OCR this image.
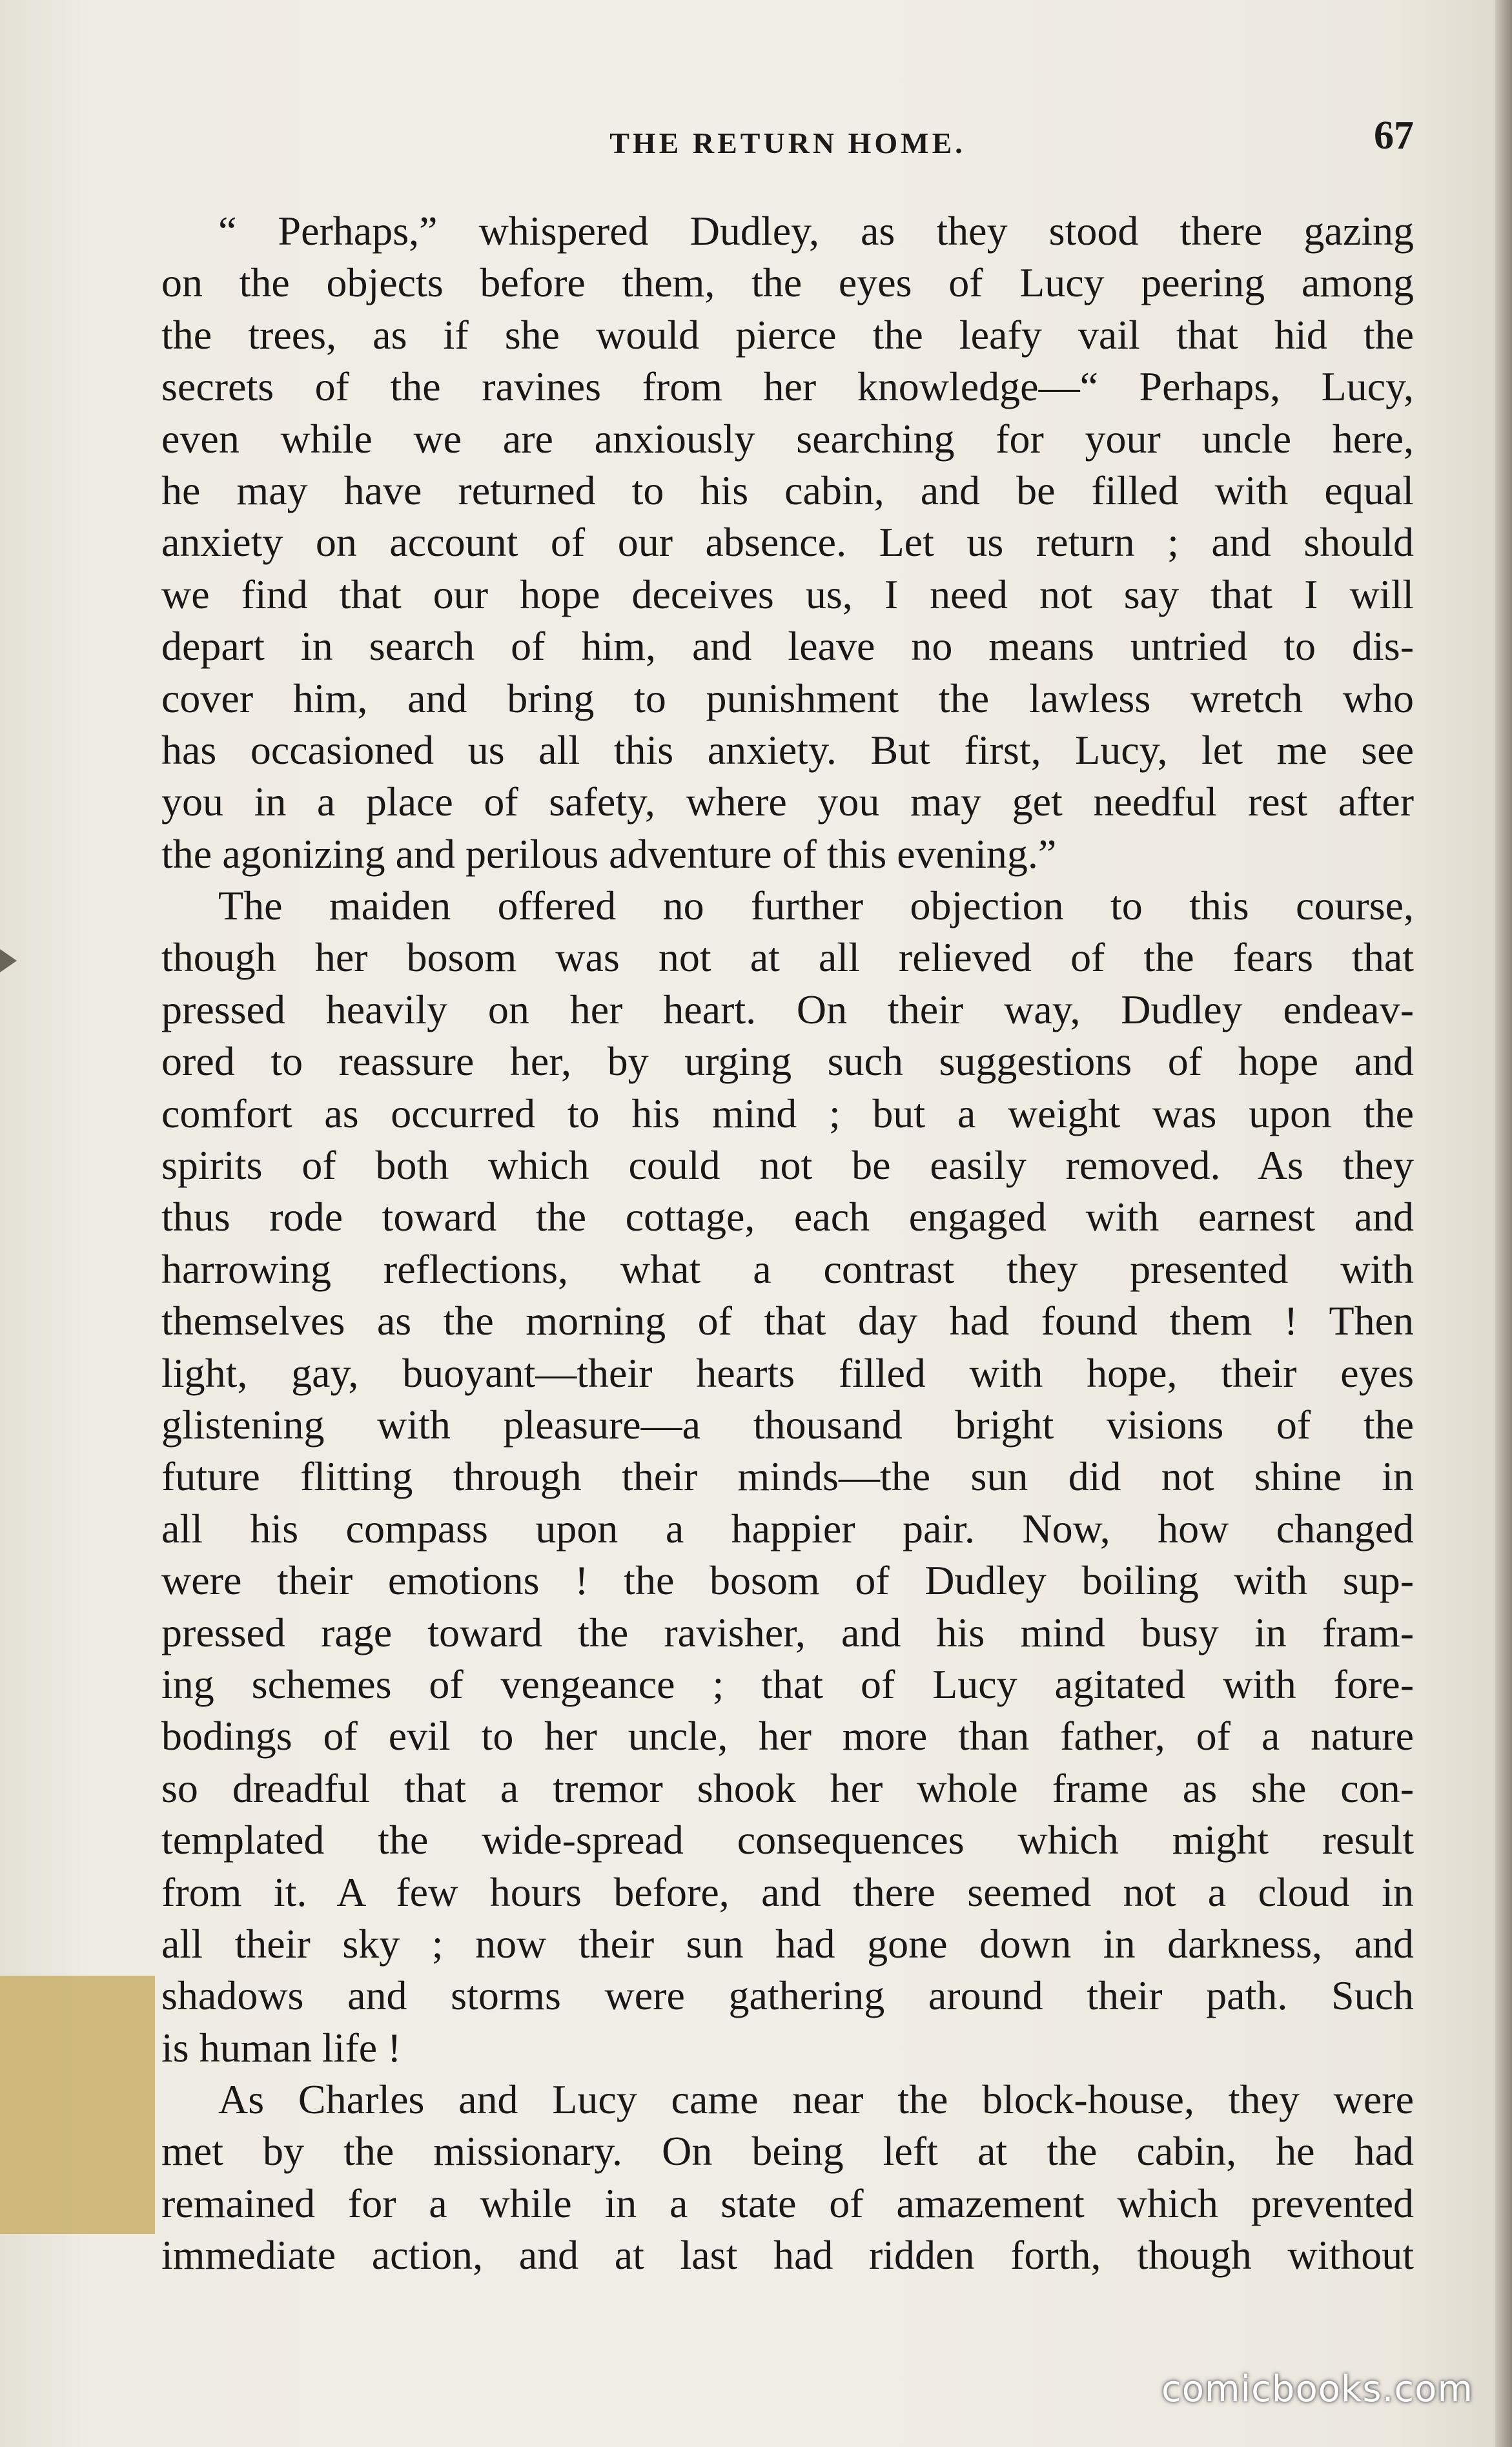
THE RETURN HOME.	67

“ Perhaps,” whispered Dudley, as they stood there gazing
on the objects before them, the eyes of Lucy peering among
the trees, as if she would pierce the leafy vail that hid the
secrets of the ravines from her knowledge—“ Perhaps, Lucy,
even while we are anxiously searching for your uncle here,
he may have returned to his cabin, and be filled with equal
anxiety on account of our absence. Let us return ; and should
we find that our hope deceives us, I need not say that I will
depart in search of him, and leave no means untried to dis-
cover him, and bring to punishment the lawless wretch who
has occasioned us all this anxiety. But first, Lucy, let me see
you in a place of safety, where you may get needful rest after
the agonizing and perilous adventure of this evening.”

The maiden offered no further objection to this course,
though her bosom was not at all relieved of the fears that
pressed heavily on her heart. On their way, Dudley endeav-
ored to reassure her, by urging such suggestions of hope and
comfort as occurred to his mind ; but a weight was upon the
spirits of both which could not be easily removed. As they
thus rode toward the cottage, each engaged with earnest and
harrowing reflections, what a contrast they presented with
themselves as the morning of that day had found them ! Then
light, gay, buoyant—their hearts filled with hope, their eyes
glistening with pleasure—a thousand bright visions of the
future flitting through their minds—the sun did not shine in
all his compass upon a happier pair. Now, how changed
were their emotions ! the bosom of Dudley boiling with sup-
pressed rage toward the ravisher, and his mind busy in fram-
ing schemes of vengeance ; that of Lucy agitated with fore-
bodings of evil to her uncle, her more than father, of a nature
so dreadful that a tremor shook her whole frame as she con-
templated the wide-spread consequences which might result
from it. A few hours before, and there seemed not a cloud in
all their sky ; now their sun had gone down in darkness, and
shadows and storms were gathering around their path. Such
is human life !

As Charles and Lucy came near the block-house, they were
met by the missionary. On being left at the cabin, he had
remained for a while in a state of amazement which prevented
immediate action, and at last had ridden forth, though without

comicbooks.com
